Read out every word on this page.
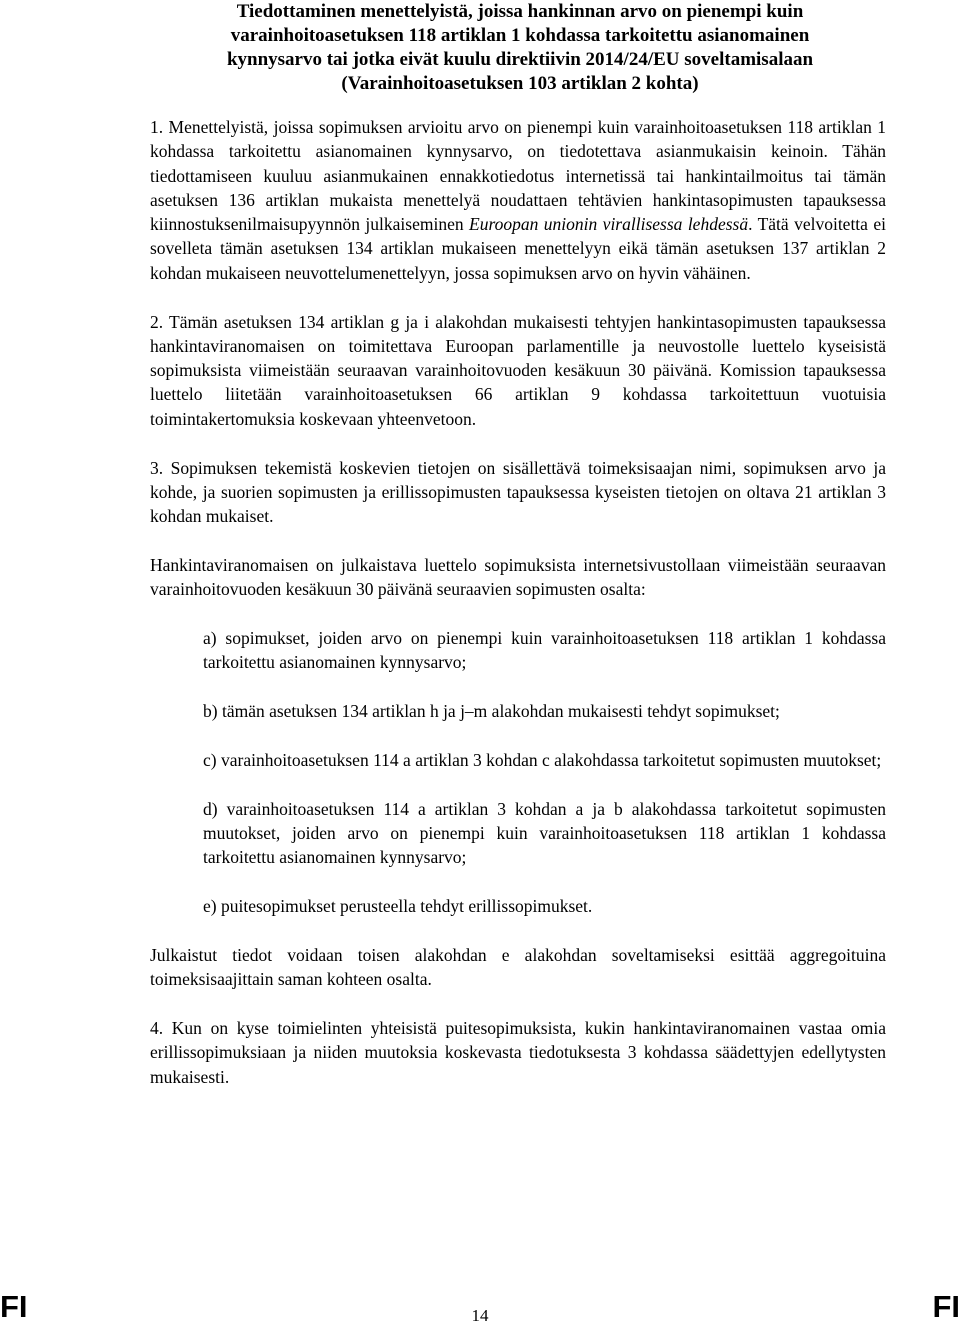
Tiedottaminen menettelyistä, joissa hankinnan arvo on pienempi kuin
varainhoitoasetuksen 118 artiklan 1 kohdassa tarkoitettu asianomainen
kynnysarvo tai jotka eivät kuulu direktiivin 2014/24/EU soveltamisalaan
(Varainhoitoasetuksen 103 artiklan 2 kohta)

1. Menettelyistä, joissa sopimuksen arvioitu arvo on pienempi kuin varainhoitoasetuksen 118 artiklan 1 kohdassa tarkoitettu asianomainen kynnysarvo, on tiedotettava asianmukaisin keinoin. Tähän tiedottamiseen kuuluu asianmukainen ennakkotiedotus internetissä tai hankintailmoitus tai tämän asetuksen 136 artiklan mukaista menettelyä noudattaen tehtävien hankintasopimusten tapauksessa kiinnostuksenilmaisupyynnön julkaiseminen Euroopan unionin virallisessa lehdessä. Tätä velvoitetta ei sovelleta tämän asetuksen 134 artiklan mukaiseen menettelyyn eikä tämän asetuksen 137 artiklan 2 kohdan mukaiseen neuvottelumenettelyyn, jossa sopimuksen arvo on hyvin vähäinen.

2. Tämän asetuksen 134 artiklan g ja i alakohdan mukaisesti tehtyjen hankintasopimusten tapauksessa hankintaviranomaisen on toimitettava Euroopan parlamentille ja neuvostolle luettelo kyseisistä sopimuksista viimeistään seuraavan varainhoitovuoden kesäkuun 30 päivänä. Komission tapauksessa luettelo liitetään varainhoitoasetuksen 66 artiklan 9 kohdassa tarkoitettuun vuotuisia toimintakertomuksia koskevaan yhteenvetoon.

3. Sopimuksen tekemistä koskevien tietojen on sisällettävä toimeksisaajan nimi, sopimuksen arvo ja kohde, ja suorien sopimusten ja erillissopimusten tapauksessa kyseisten tietojen on oltava 21 artiklan 3 kohdan mukaiset.

Hankintaviranomaisen on julkaistava luettelo sopimuksista internetsivustollaan viimeistään seuraavan varainhoitovuoden kesäkuun 30 päivänä seuraavien sopimusten osalta:

a) sopimukset, joiden arvo on pienempi kuin varainhoitoasetuksen 118 artiklan 1 kohdassa tarkoitettu asianomainen kynnysarvo;

b) tämän asetuksen 134 artiklan h ja j–m alakohdan mukaisesti tehdyt sopimukset;

c) varainhoitoasetuksen 114 a artiklan 3 kohdan c alakohdassa tarkoitetut sopimusten muutokset;

d) varainhoitoasetuksen 114 a artiklan 3 kohdan a ja b alakohdassa tarkoitetut sopimusten muutokset, joiden arvo on pienempi kuin varainhoitoasetuksen 118 artiklan 1 kohdassa tarkoitettu asianomainen kynnysarvo;

e) puitesopimukset perusteella tehdyt erillissopimukset.

Julkaistut tiedot voidaan toisen alakohdan e alakohdan soveltamiseksi esittää aggregoituina toimeksisaajittain saman kohteen osalta.

4. Kun on kyse toimielinten yhteisistä puitesopimuksista, kukin hankintaviranomainen vastaa omia erillissopimuksiaan ja niiden muutoksia koskevasta tiedotuksesta 3 kohdassa säädettyjen edellytysten mukaisesti.

FI	14	FI
